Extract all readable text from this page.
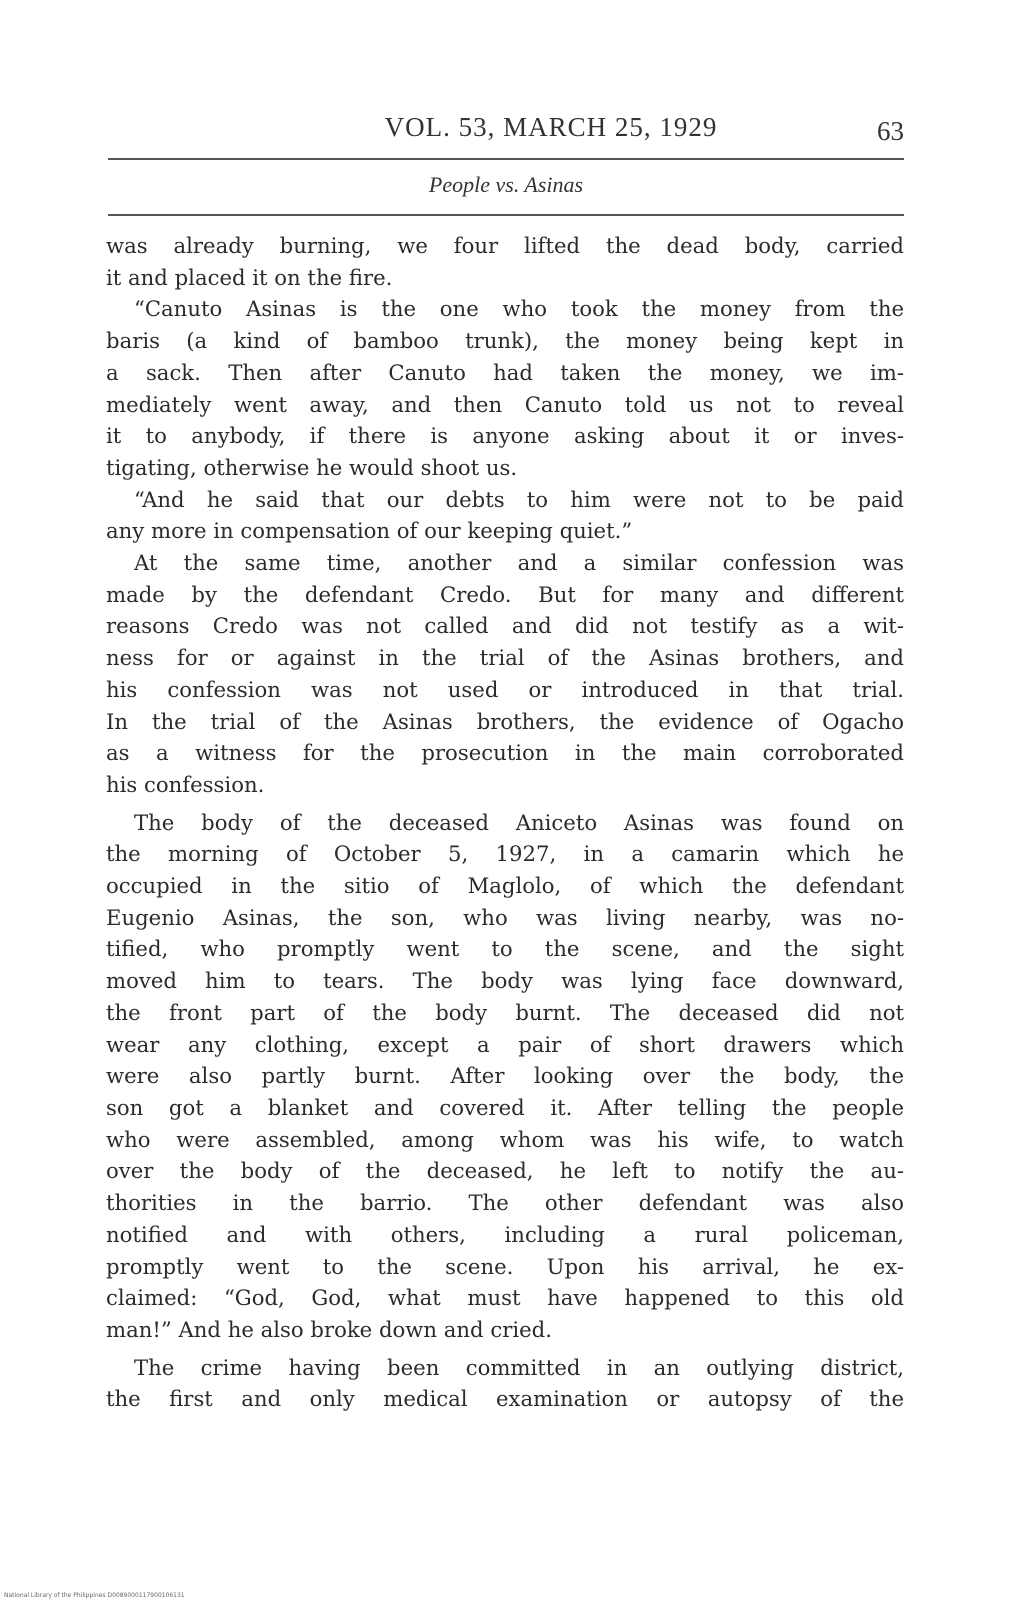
VOL. 53, MARCH 25, 1929	63
People vs. Asinas
was already burning, we four lifted the dead body, carried
it and placed it on the fire.
“Canuto Asinas is the one who took the money from the
baris (a kind of bamboo trunk), the money being kept in
a sack. Then after Canuto had taken the money, we im-
mediately went away, and then Canuto told us not to reveal
it to anybody, if there is anyone asking about it or inves-
tigating, otherwise he would shoot us.
“And he said that our debts to him were not to be paid
any more in compensation of our keeping quiet.”
At the same time, another and a similar confession was
made by the defendant Credo. But for many and different
reasons Credo was not called and did not testify as a wit-
ness for or against in the trial of the Asinas brothers, and
his confession was not used or introduced in that trial.
In the trial of the Asinas brothers, the evidence of Ogacho
as a witness for the prosecution in the main corroborated
his confession.
The body of the deceased Aniceto Asinas was found on
the morning of October 5, 1927, in a camarin which he
occupied in the sitio of Maglolo, of which the defendant
Eugenio Asinas, the son, who was living nearby, was no-
tified, who promptly went to the scene, and the sight
moved him to tears. The body was lying face downward,
the front part of the body burnt. The deceased did not
wear any clothing, except a pair of short drawers which
were also partly burnt. After looking over the body, the
son got a blanket and covered it. After telling the people
who were assembled, among whom was his wife, to watch
over the body of the deceased, he left to notify the au-
thorities in the barrio. The other defendant was also
notified and with others, including a rural policeman,
promptly went to the scene. Upon his arrival, he ex-
claimed: “God, God, what must have happened to this old
man!” And he also broke down and cried.
The crime having been committed in an outlying district,
the first and only medical examination or autopsy of the
National Library of the Philippines D0089000117900106131
